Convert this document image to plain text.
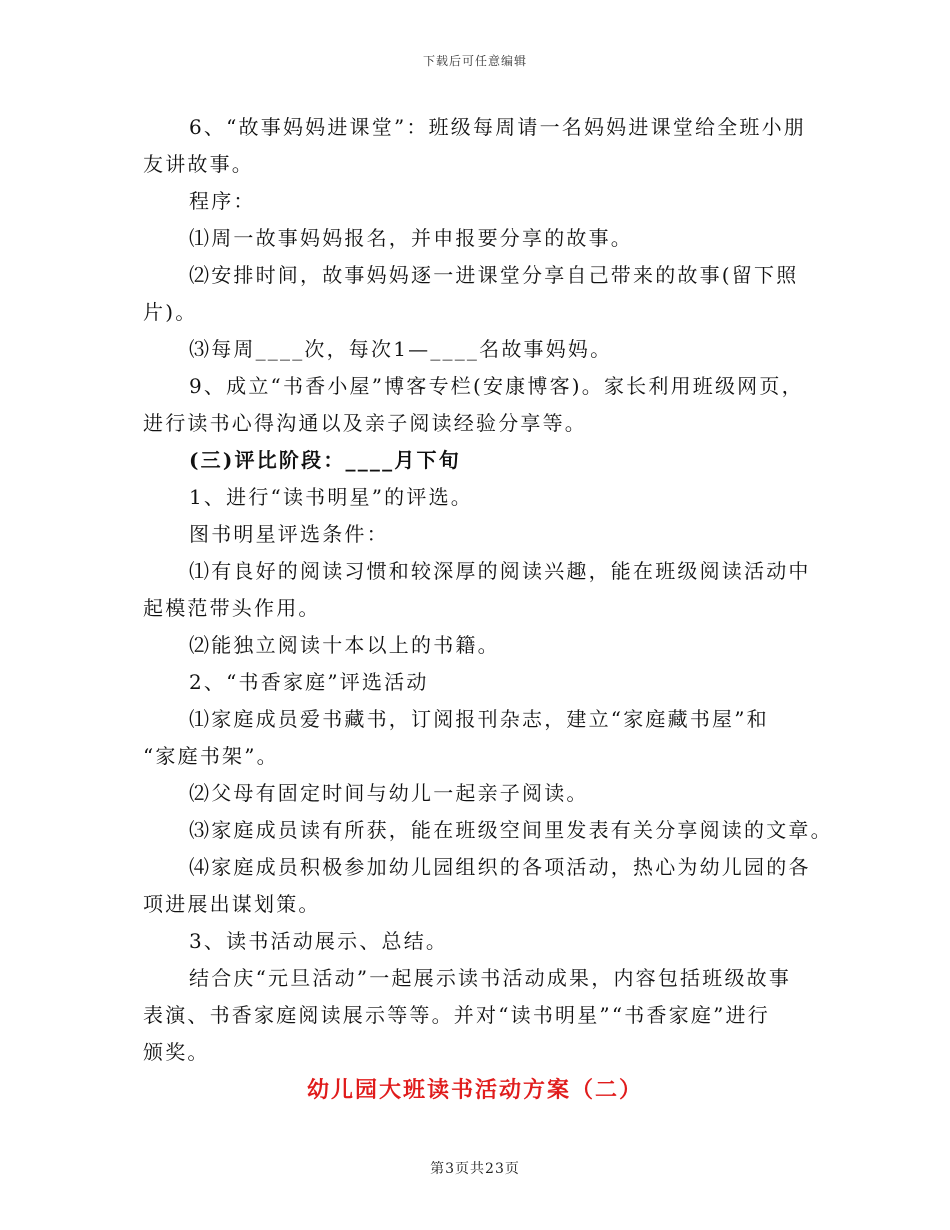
下载后可任意编辑

6、“故事妈妈进课堂”：班级每周请一名妈妈进课堂给全班小朋

友讲故事。

程序：

⑴周一故事妈妈报名，并申报要分享的故事。

⑵安排时间，故事妈妈逐一进课堂分享自己带来的故事(留下照

片)。

⑶每周____次，每次1—____名故事妈妈。

9、成立“书香小屋”博客专栏(安康博客)。家长利用班级网页，

进行读书心得沟通以及亲子阅读经验分享等。

(三)评比阶段：____月下旬

1、进行“读书明星”的评选。

图书明星评选条件：

⑴有良好的阅读习惯和较深厚的阅读兴趣，能在班级阅读活动中

起模范带头作用。

⑵能独立阅读十本以上的书籍。

2、“书香家庭”评选活动

⑴家庭成员爱书藏书，订阅报刊杂志，建立“家庭藏书屋”和

“家庭书架”。

⑵父母有固定时间与幼儿一起亲子阅读。

⑶家庭成员读有所获，能在班级空间里发表有关分享阅读的文章。

⑷家庭成员积极参加幼儿园组织的各项活动，热心为幼儿园的各

项进展出谋划策。

3、读书活动展示、总结。

结合庆“元旦活动”一起展示读书活动成果，内容包括班级故事

表演、书香家庭阅读展示等等。并对“读书明星”“书香家庭”进行

颁奖。

幼儿园大班读书活动方案（二）
第3页共23页
